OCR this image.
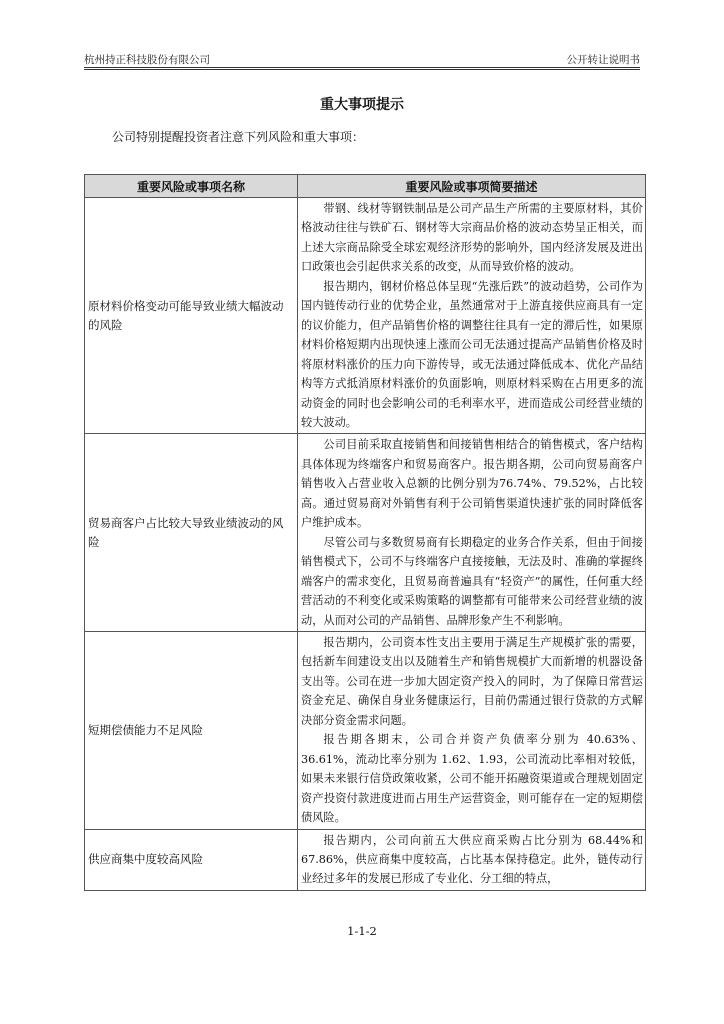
杭州持正科技股份有限公司	公开转让说明书
重大事项提示
公司特别提醒投资者注意下列风险和重大事项：
重要风险或事项名称	重要风险或事项简要描述
原材料价格变动可能导致业绩大幅波动的风险	带钢、线材等钢铁制品是公司产品生产所需的主要原材料，其价格波动往往与铁矿石、钢材等大宗商品价格的波动态势呈正相关，而上述大宗商品除受全球宏观经济形势的影响外，国内经济发展及进出口政策也会引起供求关系的改变，从而导致价格的波动。

报告期内，钢材价格总体呈现“先涨后跌”的波动趋势，公司作为国内链传动行业的优势企业，虽然通常对于上游直接供应商具有一定的议价能力，但产品销售价格的调整往往具有一定的滞后性，如果原材料价格短期内出现快速上涨而公司无法通过提高产品销售价格及时将原材料涨价的压力向下游传导，或无法通过降低成本、优化产品结构等方式抵消原材料涨价的负面影响，则原材料采购在占用更多的流动资金的同时也会影响公司的毛利率水平，进而造成公司经营业绩的较大波动。

贸易商客户占比较大导致业绩波动的风险	公司目前采取直接销售和间接销售相结合的销售模式，客户结构具体体现为终端客户和贸易商客户。报告期各期，公司向贸易商客户销售收入占营业收入总额的比例分别为76.74%、79.52%，占比较高。通过贸易商对外销售有利于公司销售渠道快速扩张的同时降低客户维护成本。

尽管公司与多数贸易商有长期稳定的业务合作关系，但由于间接销售模式下，公司不与终端客户直接接触，无法及时、准确的掌握终端客户的需求变化，且贸易商普遍具有“轻资产”的属性，任何重大经营活动的不利变化或采购策略的调整都有可能带来公司经营业绩的波动，从而对公司的产品销售、品牌形象产生不利影响。

短期偿债能力不足风险	报告期内，公司资本性支出主要用于满足生产规模扩张的需要，包括新车间建设支出以及随着生产和销售规模扩大而新增的机器设备支出等。公司在进一步加大固定资产投入的同时，为了保障日常营运资金充足、确保自身业务健康运行，目前仍需通过银行贷款的方式解决部分资金需求问题。

报告期各期末，公司合并资产负债率分别为 40.63%、36.61%，流动比率分别为 1.62、1.93，公司流动比率相对较低，如果未来银行信贷政策收紧，公司不能开拓融资渠道或合理规划固定资产投资付款进度进而占用生产运营资金，则可能存在一定的短期偿债风险。

供应商集中度较高风险	报告期内，公司向前五大供应商采购占比分别为 68.44%和 67.86%，供应商集中度较高，占比基本保持稳定。此外，链传动行业经过多年的发展已形成了专业化、分工细的特点，

1-1-2
